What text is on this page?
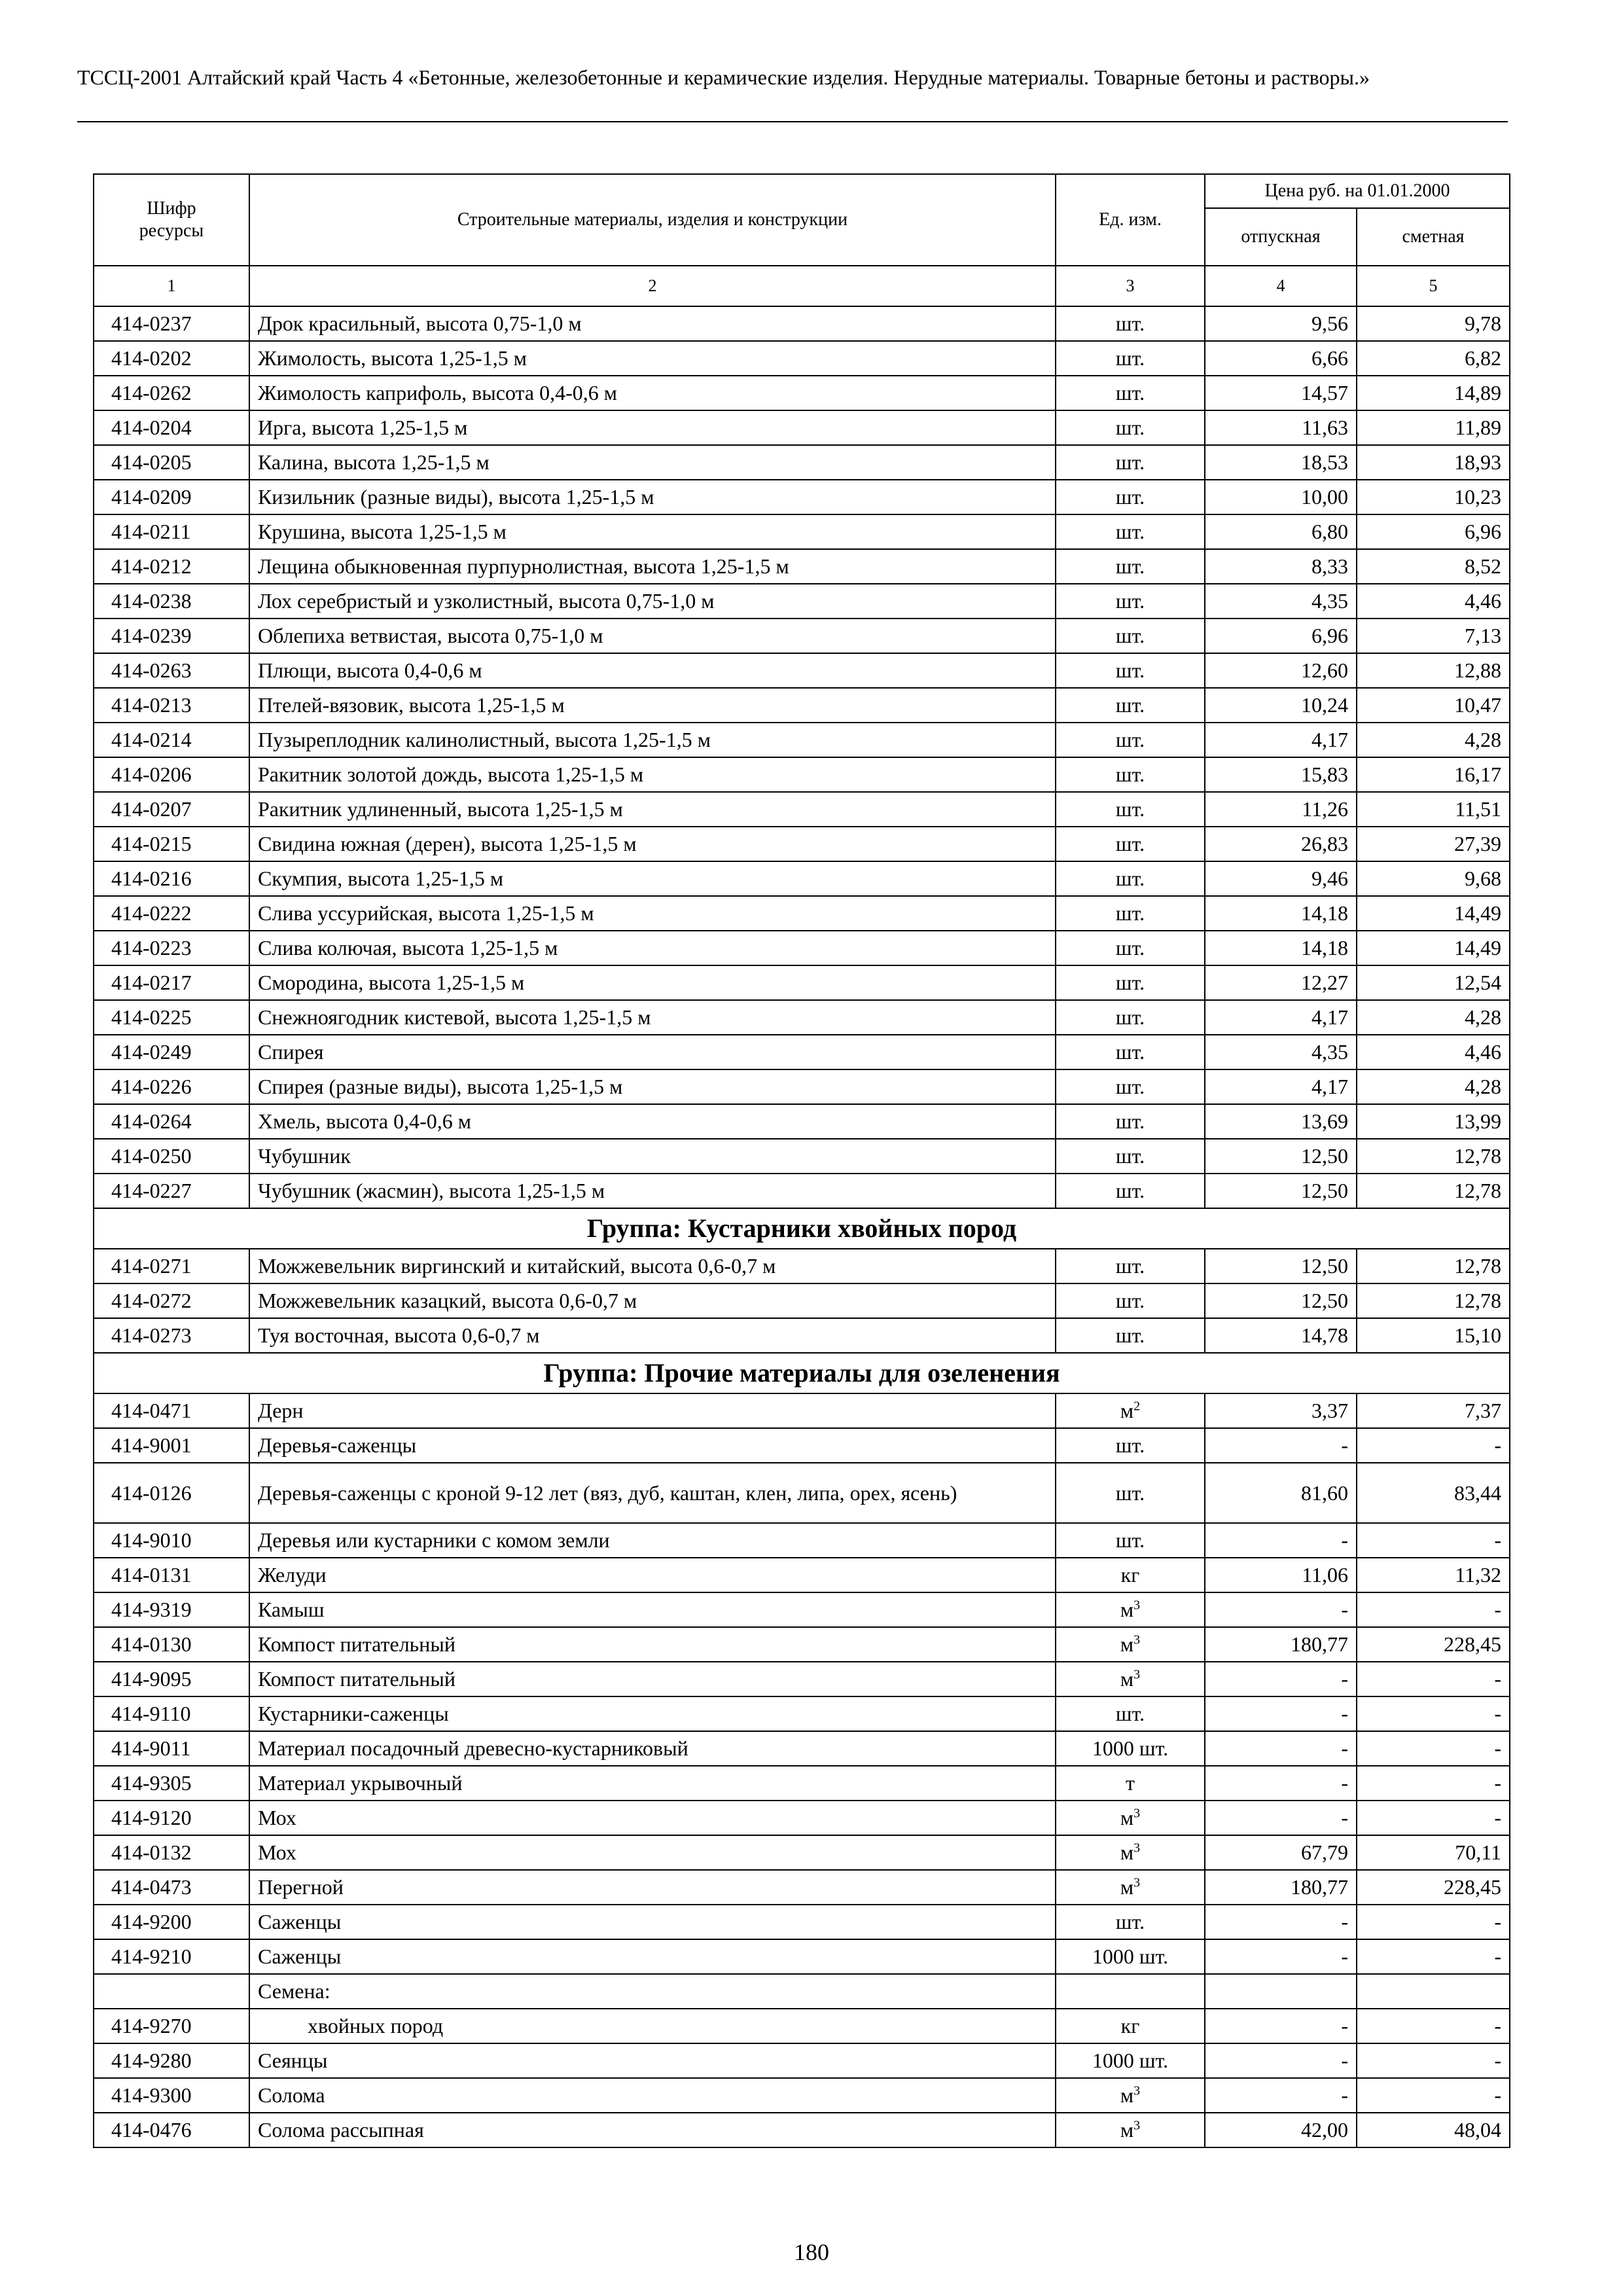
ТССЦ-2001 Алтайский край Часть 4 «Бетонные, железобетонные и керамические изделия. Нерудные материалы. Товарные бетоны и растворы.»
Шифр ресурсы	Строительные материалы, изделия и конструкции	Ед. изм.	Цена руб. на 01.01.2000	
			отпускная	сметная
1	2	3	4	5
414-0237	Дрок красильный, высота 0,75-1,0 м	шт.	9,56	9,78
414-0202	Жимолость, высота 1,25-1,5 м	шт.	6,66	6,82
414-0262	Жимолость каприфоль, высота 0,4-0,6 м	шт.	14,57	14,89
414-0204	Ирга, высота 1,25-1,5 м	шт.	11,63	11,89
414-0205	Калина, высота 1,25-1,5 м	шт.	18,53	18,93
414-0209	Кизильник (разные виды), высота 1,25-1,5 м	шт.	10,00	10,23
414-0211	Крушина, высота 1,25-1,5 м	шт.	6,80	6,96
414-0212	Лещина обыкновенная пурпурнолистная, высота 1,25-1,5 м	шт.	8,33	8,52
414-0238	Лох серебристый и узколистный, высота 0,75-1,0 м	шт.	4,35	4,46
414-0239	Облепиха ветвистая, высота 0,75-1,0 м	шт.	6,96	7,13
414-0263	Плющи, высота 0,4-0,6 м	шт.	12,60	12,88
414-0213	Птелей-вязовик, высота 1,25-1,5 м	шт.	10,24	10,47
414-0214	Пузыреплодник калинолистный, высота 1,25-1,5 м	шт.	4,17	4,28
414-0206	Ракитник золотой дождь, высота 1,25-1,5 м	шт.	15,83	16,17
414-0207	Ракитник удлиненный, высота 1,25-1,5 м	шт.	11,26	11,51
414-0215	Свидина южная (дерен), высота 1,25-1,5 м	шт.	26,83	27,39
414-0216	Скумпия, высота 1,25-1,5 м	шт.	9,46	9,68
414-0222	Слива уссурийская, высота 1,25-1,5 м	шт.	14,18	14,49
414-0223	Слива колючая, высота 1,25-1,5 м	шт.	14,18	14,49
414-0217	Смородина, высота 1,25-1,5 м	шт.	12,27	12,54
414-0225	Снежноягодник кистевой, высота 1,25-1,5 м	шт.	4,17	4,28
414-0249	Спирея	шт.	4,35	4,46
414-0226	Спирея (разные виды), высота 1,25-1,5 м	шт.	4,17	4,28
414-0264	Хмель, высота 0,4-0,6 м	шт.	13,69	13,99
414-0250	Чубушник	шт.	12,50	12,78
414-0227	Чубушник (жасмин), высота 1,25-1,5 м	шт.	12,50	12,78
Группа: Кустарники хвойных пород				
414-0271	Можжевельник виргинский и китайский, высота 0,6-0,7 м	шт.	12,50	12,78
414-0272	Можжевельник казацкий, высота 0,6-0,7 м	шт.	12,50	12,78
414-0273	Туя восточная, высота 0,6-0,7 м	шт.	14,78	15,10
Группа: Прочие материалы для озеленения				
414-0471	Дерн	$м^2$	3,37	7,37
414-9001	Деревья-саженцы	шт.	-	-
414-0126	Деревья-саженцы с кроной 9-12 лет (вяз, дуб, каштан, клен, липа, орех, ясень)	шт.	81,60	83,44
414-9010	Деревья или кустарники с комом земли	шт.	-	-
414-0131	Желуди	кг	11,06	11,32
414-9319	Камыш	$м^3$	-	-
414-0130	Компост питательный	$м^3$	180,77	228,45
414-9095	Компост питательный	$м^3$	-	-
414-9110	Кустарники-саженцы	шт.	-	-
414-9011	Материал посадочный древесно-кустарниковый	1000 шт.	-	-
414-9305	Материал укрывочный	т	-	-
414-9120	Мох	$м^3$	-	-
414-0132	Мох	$м^3$	67,79	70,11
414-0473	Перегной	$м^3$	180,77	228,45
414-9200	Саженцы	шт.	-	-
414-9210	Саженцы	1000 шт.	-	-
	Семена:			
414-9270	хвойных пород	кг	-	-
414-9280	Сеянцы	1000 шт.	-	-
414-9300	Солома	$м^3$	-	-
414-0476	Солома рассыпная	$м^3$	42,00	48,04
180
